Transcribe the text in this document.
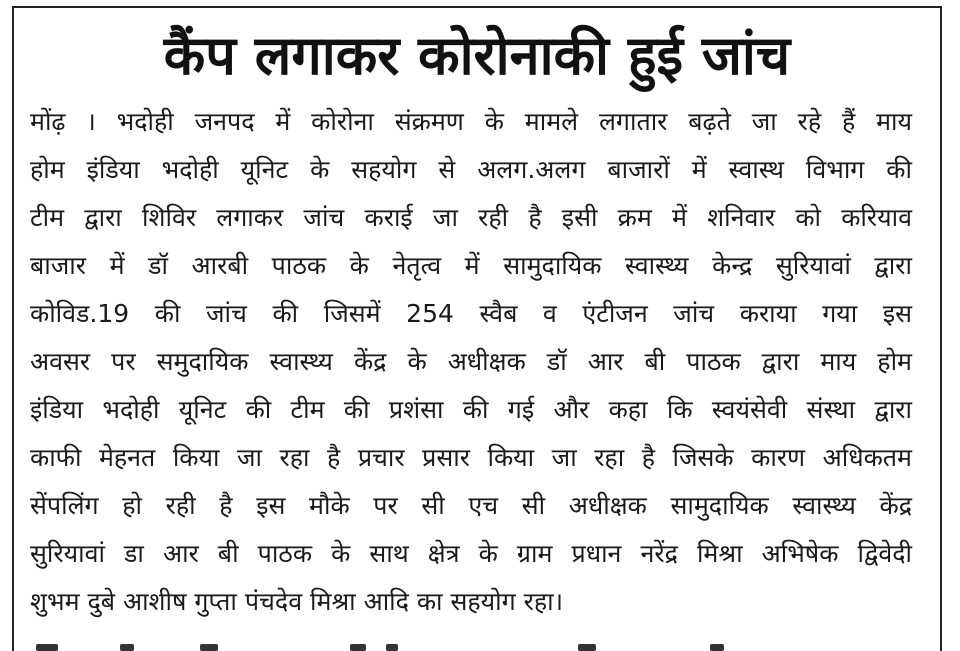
कैंप लगाकर कोरोनाकी हुई जांच
मोंढ़ । भदोही जनपद में कोरोना संक्रमण के मामले लगातार बढ़ते जा रहे हैं माय
होम इंडिया भदोही यूनिट के सहयोग से अलग.अलग बाजारों में स्वास्थ विभाग की
टीम द्वारा शिविर लगाकर जांच कराई जा रही है इसी क्रम में शनिवार को करियाव
बाजार में डॉ आरबी पाठक के नेतृत्व में सामुदायिक स्वास्थ्य केन्द्र सुरियावां द्वारा
कोविड.19 की जांच की जिसमें 254 स्वैब व एंटीजन जांच कराया गया इस
अवसर पर समुदायिक स्वास्थ्य केंद्र के अधीक्षक डॉ आर बी पाठक द्वारा माय होम
इंडिया भदोही यूनिट की टीम की प्रशंसा की गई और कहा कि स्वयंसेवी संस्था द्वारा
काफी मेहनत किया जा रहा है प्रचार प्रसार किया जा रहा है जिसके कारण अधिकतम
सेंपलिंग हो रही है इस मौके पर सी एच सी अधीक्षक सामुदायिक स्वास्थ्य केंद्र
सुरियावां डा आर बी पाठक के साथ क्षेत्र के ग्राम प्रधान नरेंद्र मिश्रा अभिषेक द्विवेदी
शुभम दुबे आशीष गुप्ता पंचदेव मिश्रा आदि का सहयोग रहा।
